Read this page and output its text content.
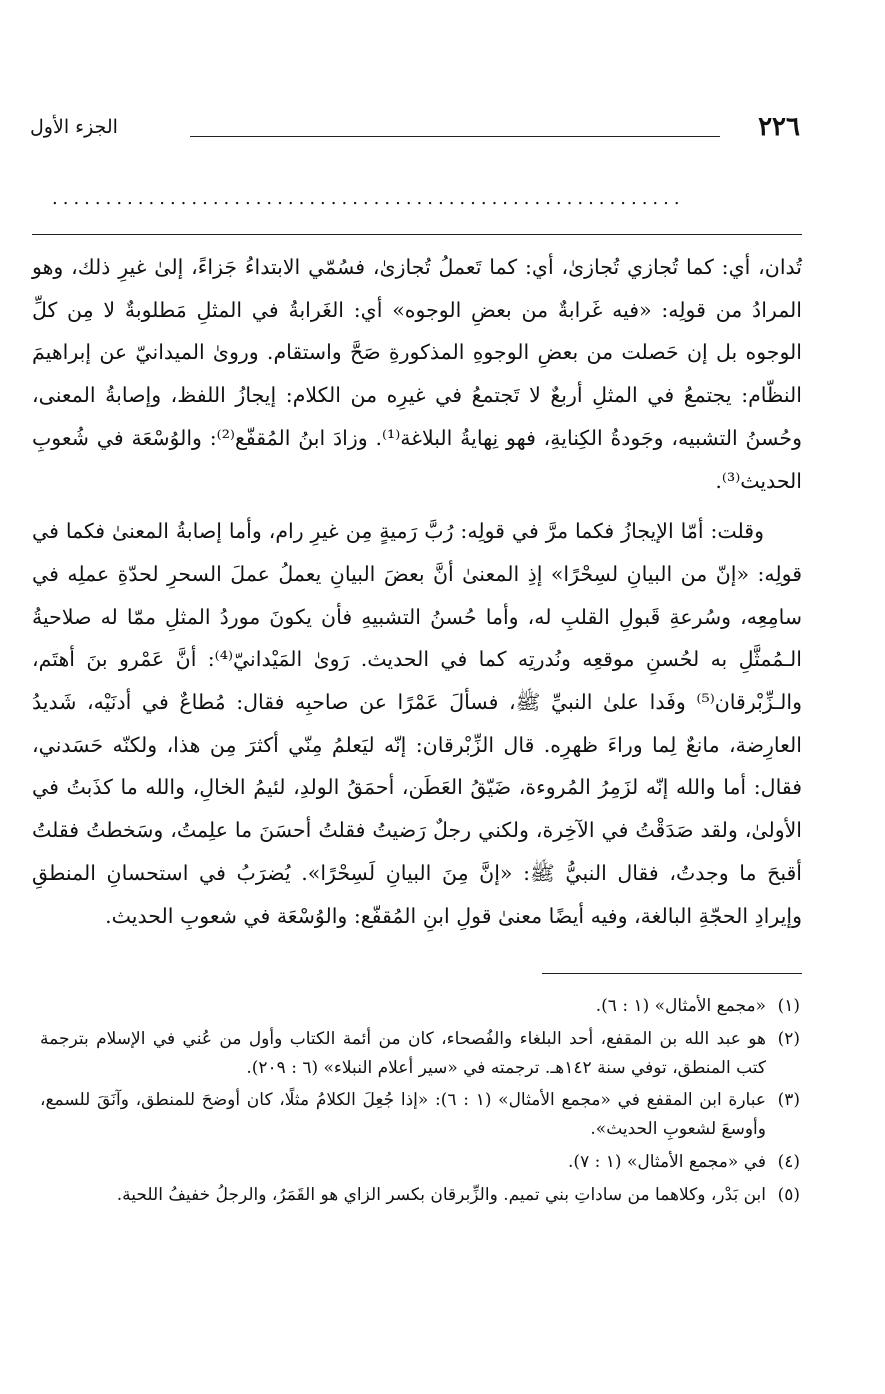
٢٢٦
الجزء الأول
...........................................................

تُدان، أي: كما تُجازي تُجازىٰ، أي: كما تَعملُ تُجازىٰ، فسُمّي الابتداءُ جَزاءً، إلىٰ غيرِ ذلك، وهو المرادُ من قولِه: «فيه غَرابةٌ من بعضِ الوجوه» أي: الغَرابةُ في المثلِ مَطلوبةٌ لا مِن كلِّ الوجوه بل إن حَصلت من بعضِ الوجوهِ المذكورةِ صَحَّ واستقام. وروىٰ الميدانيّ عن إبراهيمَ النظّام: يجتمعُ في المثلِ أربعٌ لا تَجتمعُ في غيرِه من الكلام: إيجازُ اللفظ، وإصابةُ المعنى، وحُسنُ التشبيه، وجَودةُ الكِنايةِ، فهو نِهايةُ البلاغة⁽¹⁾. وزادَ ابنُ المُقفّع⁽²⁾: والوُسْعَة في شُعوبِ الحديث⁽³⁾.

وقلت: أمّا الإيجازُ فكما مرَّ في قولِه: رُبَّ رَميةٍ مِن غيرِ رام، وأما إصابةُ المعنىٰ فكما في قولِه: «إنّ من البيانِ لسِحْرًا» إذِ المعنىٰ أنَّ بعضَ البيانِ يعملُ عملَ السحرِ لحدّةِ عملِه في سامِعِه، وسُرعةِ قَبولِ القلبِ له، وأما حُسنُ التشبيهِ فأن يكونَ موردُ المثلِ ممّا له صلاحيةُ الـمُمثَّلِ به لحُسنِ موقعِه ونُدرتِه كما في الحديث. رَوىٰ المَيْدانيّ⁽⁴⁾: أنَّ عَمْرو بنَ أهتَم، والـزِّبْرقان⁽⁵⁾ وفَدا علىٰ النبيِّ ﷺ، فسألَ عَمْرًا عن صاحبِه فقال: مُطاعٌ في أدنَيْه، شَديدُ العارِضة، مانعٌ لِما وراءَ ظهرِه. قال الزِّبْرقان: إنّه ليَعلمُ مِنّي أكثرَ مِن هذا، ولكنّه حَسَدني، فقال: أما والله إنّه لزَمِرُ المُروءة، ضَيّقُ العَطَن، أحمَقُ الولدِ، لئيمُ الخالِ، والله ما كذَبتُ في الأولىٰ، ولقد صَدَقْتُ في الآخِرة، ولكني رجلٌ رَضيتُ فقلتُ أحسَنَ ما علِمتُ، وسَخطتُ فقلتُ أقبحَ ما وجدتُ، فقال النبيُّ ﷺ: «إنَّ مِنَ البيانِ لَسِحْرًا». يُضرَبُ في استحسانِ المنطقِ وإيرادِ الحجّةِ البالغة، وفيه أيضًا معنىٰ قولِ ابنِ المُقفّع: والوُسْعَة في شعوبِ الحديث.

(١)«مجمع الأمثال» (١ : ٦).

(٢)هو عبد الله بن المقفع، أحد البلغاء والفُصحاء، كان من أئمة الكتاب وأول من عُني في الإسلام بترجمة كتب المنطق، توفي سنة ١٤٢هـ. ترجمته في «سير أعلام النبلاء» (٦ : ٢٠٩).

(٣)عبارة ابن المقفع في «مجمع الأمثال» (١ : ٦): «إذا جُعِلَ الكلامُ مثلًا، كان أوضحَ للمنطق، وآنَقَ للسمع، وأوسعَ لشعوبِ الحديث».

(٤)في «مجمع الأمثال» (١ : ٧).

(٥)ابن بَدْر، وكلاهما من ساداتِ بني تميم. والزِّبرقان بكسر الزاي هو القَمَرُ، والرجلُ خفيفُ اللحية.
